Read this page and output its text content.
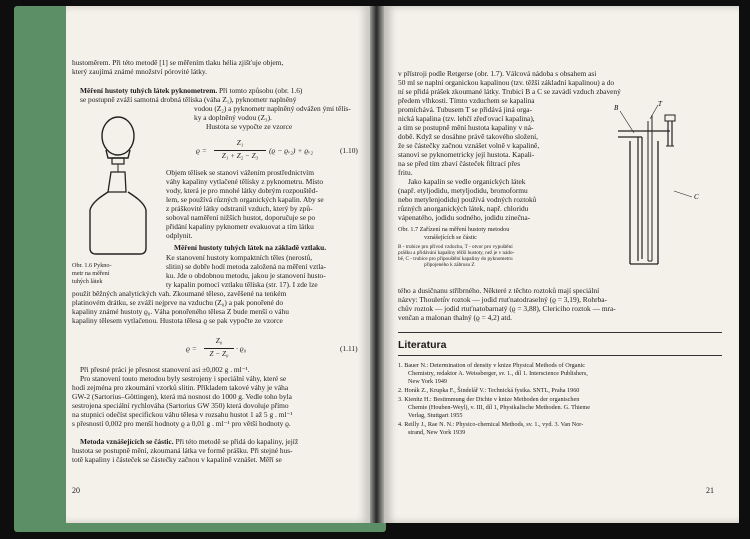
hustoměrem. Při této metodě [1] se měřením tlaku hélia zjišťuje objem,
který zaujímá známé množství pórovité látky.
Měření hustoty tuhých látek pyknometrem. Při tomto způsobu (obr. 1.6)
se postupně zváží samotná drobná tělíska (váha Z₁), pyknometr naplněný
vodou (Z₂) a pyknometr naplněný odvážen ými tělís-
ky a doplněný vodou (Z₃).
Hustota se vypočte ze vzorce
ϱ =
Z₁
Z₁ + Z₂ − Z₃
(ϱ − ϱᵥ₂) + ϱᵥ₂	(1.10)
Objem tělísek se stanoví vážením prostřednictvím
váhy kapaliny vytlačené tělísky z pyknometru. Místo
vody, která je pro mnohé látky dobrým rozpouštěd-
lem, se používá různých organických kapalin. Aby se
z práškovité látky odstranil vzduch, který by způ-
soboval naměření nižších hustot, doporučuje se po
přidání kapaliny pyknometr evakuovat a tím látku
odplynit.
Měření hustoty tuhých látek na základě vztlaku.
Ke stanovení hustoty kompaktních těles (nerostů,
slitin) se dobře hodí metoda založená na měření vztla-
ku. Jde o obdobnou metodu, jakou je stanovení husto-
ty kapalin pomocí vztlaku tělíska (str. 17). I zde lze
Obr. 1.6 Pykno-
metr na měření
tuhých látek
použít běžných analytických vah. Zkoumané těleso, zavěšené na tenkém
platinovém drátku, se zváží nejprve na vzduchu (Z₀) a pak ponořené do
kapaliny známé hustoty ϱ₀. Váha ponořeného tělesa Z bude menší o váhu
kapaliny tělesem vytlačenou. Hustota tělesa ϱ se pak vypočte ze vzorce
ϱ =
Z₀
Z − Z₀
· ϱ₀	(1.11)
Při přesné práci je přesnost stanovení asi ±0,002 g . ml⁻¹.
Pro stanovení touto metodou byly sestrojeny i speciální váhy, které se
hodí zejména pro zkoumání vzorků slitin. Příkladem takové váhy je váha
GW-2 (Sartorius–Göttingen), která má nosnost do 1000 g. Vedle toho byla
sestrojena speciální rychlováha (Sartorius GW 350) která dovoluje přímo
na stupnici odečíst specifickou váhu tělesa v rozsahu hustot 1 až 5 g . ml⁻¹
s přesností 0,002 pro menší hodnoty ϱ a 0,01 g . ml⁻¹ pro větší hodnoty ϱ.
Metoda vznášejících se částic. Při této metodě se přidá do kapaliny, jejíž
hustota se postupně mění, zkoumaná látka ve formě prášku. Při stejné hus-
totě kapaliny i částeček se částečky začnou v kapalině vznášet. Měří se
20
v přístroji podle Retgerse (obr. 1.7). Válcová nádoba s obsahem asi
50 ml se naplní organickou kapalinou (tzv. těžší základní kapalinou) a do
ní se přidá prášek zkoumané látky. Trubicí B a C se zavádí vzduch zbavený
předem vlhkosti. Tímto vzduchem se kapalina
promíchává. Tubusem T se přidává jiná orga-
nická kapalina (tzv. lehčí zřeďovací kapalina),
a tím se postupně mění hustota kapaliny v ná-
době. Když se dosáhne právě takového složení,
že se částečky začnou vznášet volně v kapalině,
stanoví se pyknometricky její hustota. Kapali-
na se před tím zbaví částeček filtrací přes
fritu.
Jako kapalin se vedle organických látek
(např. etyljodidu, metyljodidu, bromoformu
nebo metylenjodidu) používá vodných roztoků
různých anorganických látek, např. chloridu
vápenatého, jodidu sodného, jodidu zinečna-
B	T
C
Obr. 1.7 Zařízení na měření hustoty metodou
vznášejících se částic
B - trubice pro přívod vzduchu, T - otvor pro vypuštění
prášku a přidávání kapaliny těžší hustoty, než je v nádo-
bě, C - trubice pro připouštění kapaliny do pyknometru
připojeného k zábrusu Z
tého a dusičnanu stříbrného. Některé z těchto roztoků mají speciální
názvy: Thouletův roztok — jodid rtuťnatodraselný (ϱ = 3,19), Rohrba-
chův roztok — jodid rtuťnatobarnatý (ϱ = 3,88), Clericiho roztok — mra-
venčan a malonan thalný (ϱ = 4,2) atd.
Literatura
1. Bauer N.: Determination of density v knize Physical Methods of Organic
Chemistry, redaktor A. Weissberger, sv. 1., díl 1. Interscience Publishers,
New York 1949
2. Horák Z., Krupka F., Šindelář V.: Technická fysika. SNTL, Praha 1960
3. Kienitz H.: Bestimmung der Dichte v knize Methoden der organischen
Chemie (Houben-Weyl), v. III, díl 1, Physikalische Methoden. G. Thieme
Verlag, Stuttgart 1955
4. Reilly J., Rae N. N.: Physico-chemical Methods, sv. 1., vyd. 3. Van Nor-
strand, New York 1939
21
